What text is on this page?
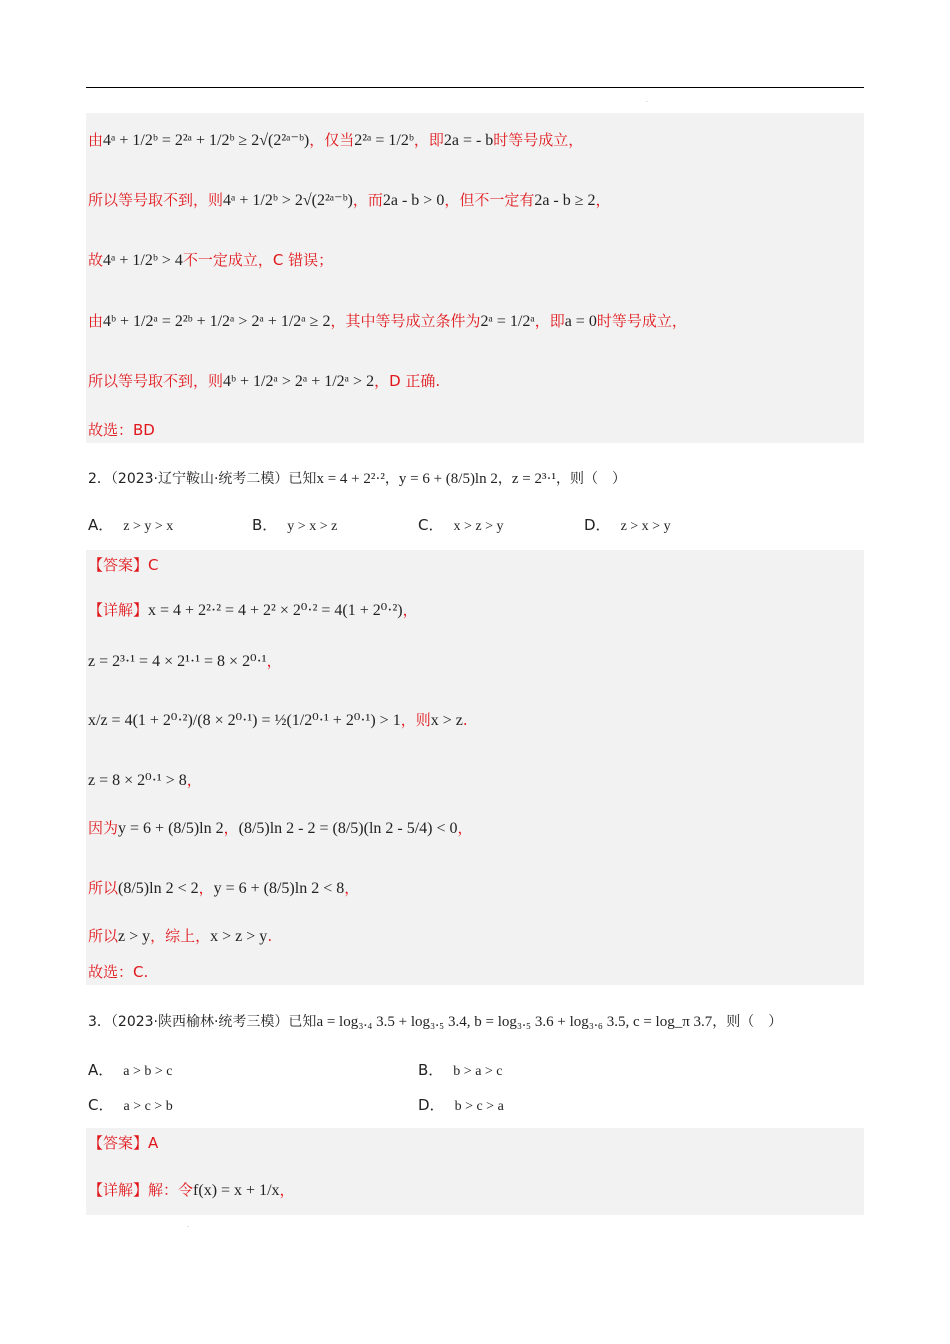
.
由4ᵃ + 1/2ᵇ = 2²ᵃ + 1/2ᵇ ≥ 2√(2²ᵃ⁻ᵇ)，仅当2²ᵃ = 1/2ᵇ，即2a = - b时等号成立，
所以等号取不到，则4ᵃ + 1/2ᵇ > 2√(2²ᵃ⁻ᵇ)，而2a - b > 0，但不一定有2a - b ≥ 2，
故4ᵃ + 1/2ᵇ > 4不一定成立，C 错误；
由4ᵇ + 1/2ᵃ = 2²ᵇ + 1/2ᵃ > 2ᵃ + 1/2ᵃ ≥ 2，其中等号成立条件为2ᵃ = 1/2ᵃ，即a = 0时等号成立，
所以等号取不到，则4ᵇ + 1/2ᵃ > 2ᵃ + 1/2ᵃ > 2，D 正确.
故选：BD
2．（2023·辽宁鞍山·统考二模）已知x = 4 + 2²·²，y = 6 + (8/5)ln 2，z = 2³·¹，则（　）
A． z > y > x	B． y > x > z	C． x > z > y	D． z > x > y
【答案】C
【详解】x = 4 + 2²·² = 4 + 2² × 2⁰·² = 4(1 + 2⁰·²)，
z = 2³·¹ = 4 × 2¹·¹ = 8 × 2⁰·¹，
x/z = 4(1 + 2⁰·²)/(8 × 2⁰·¹) = ½(1/2⁰·¹ + 2⁰·¹) > 1，则x > z.
z = 8 × 2⁰·¹ > 8，
因为y = 6 + (8/5)ln 2，(8/5)ln 2 - 2 = (8/5)(ln 2 - 5/4) < 0，
所以(8/5)ln 2 < 2，y = 6 + (8/5)ln 2 < 8，
所以z > y，综上，x > z > y.
故选：C.
3．（2023·陕西榆林·统考三模）已知a = log₃.₄ 3.5 + log₃.₅ 3.4, b = log₃.₅ 3.6 + log₃.₆ 3.5, c = log_π 3.7，则（　）
A． a > b > c	B． b > a > c
C． a > c > b	D． b > c > a
【答案】A
【详解】解：令f(x) = x + 1/x，
.
